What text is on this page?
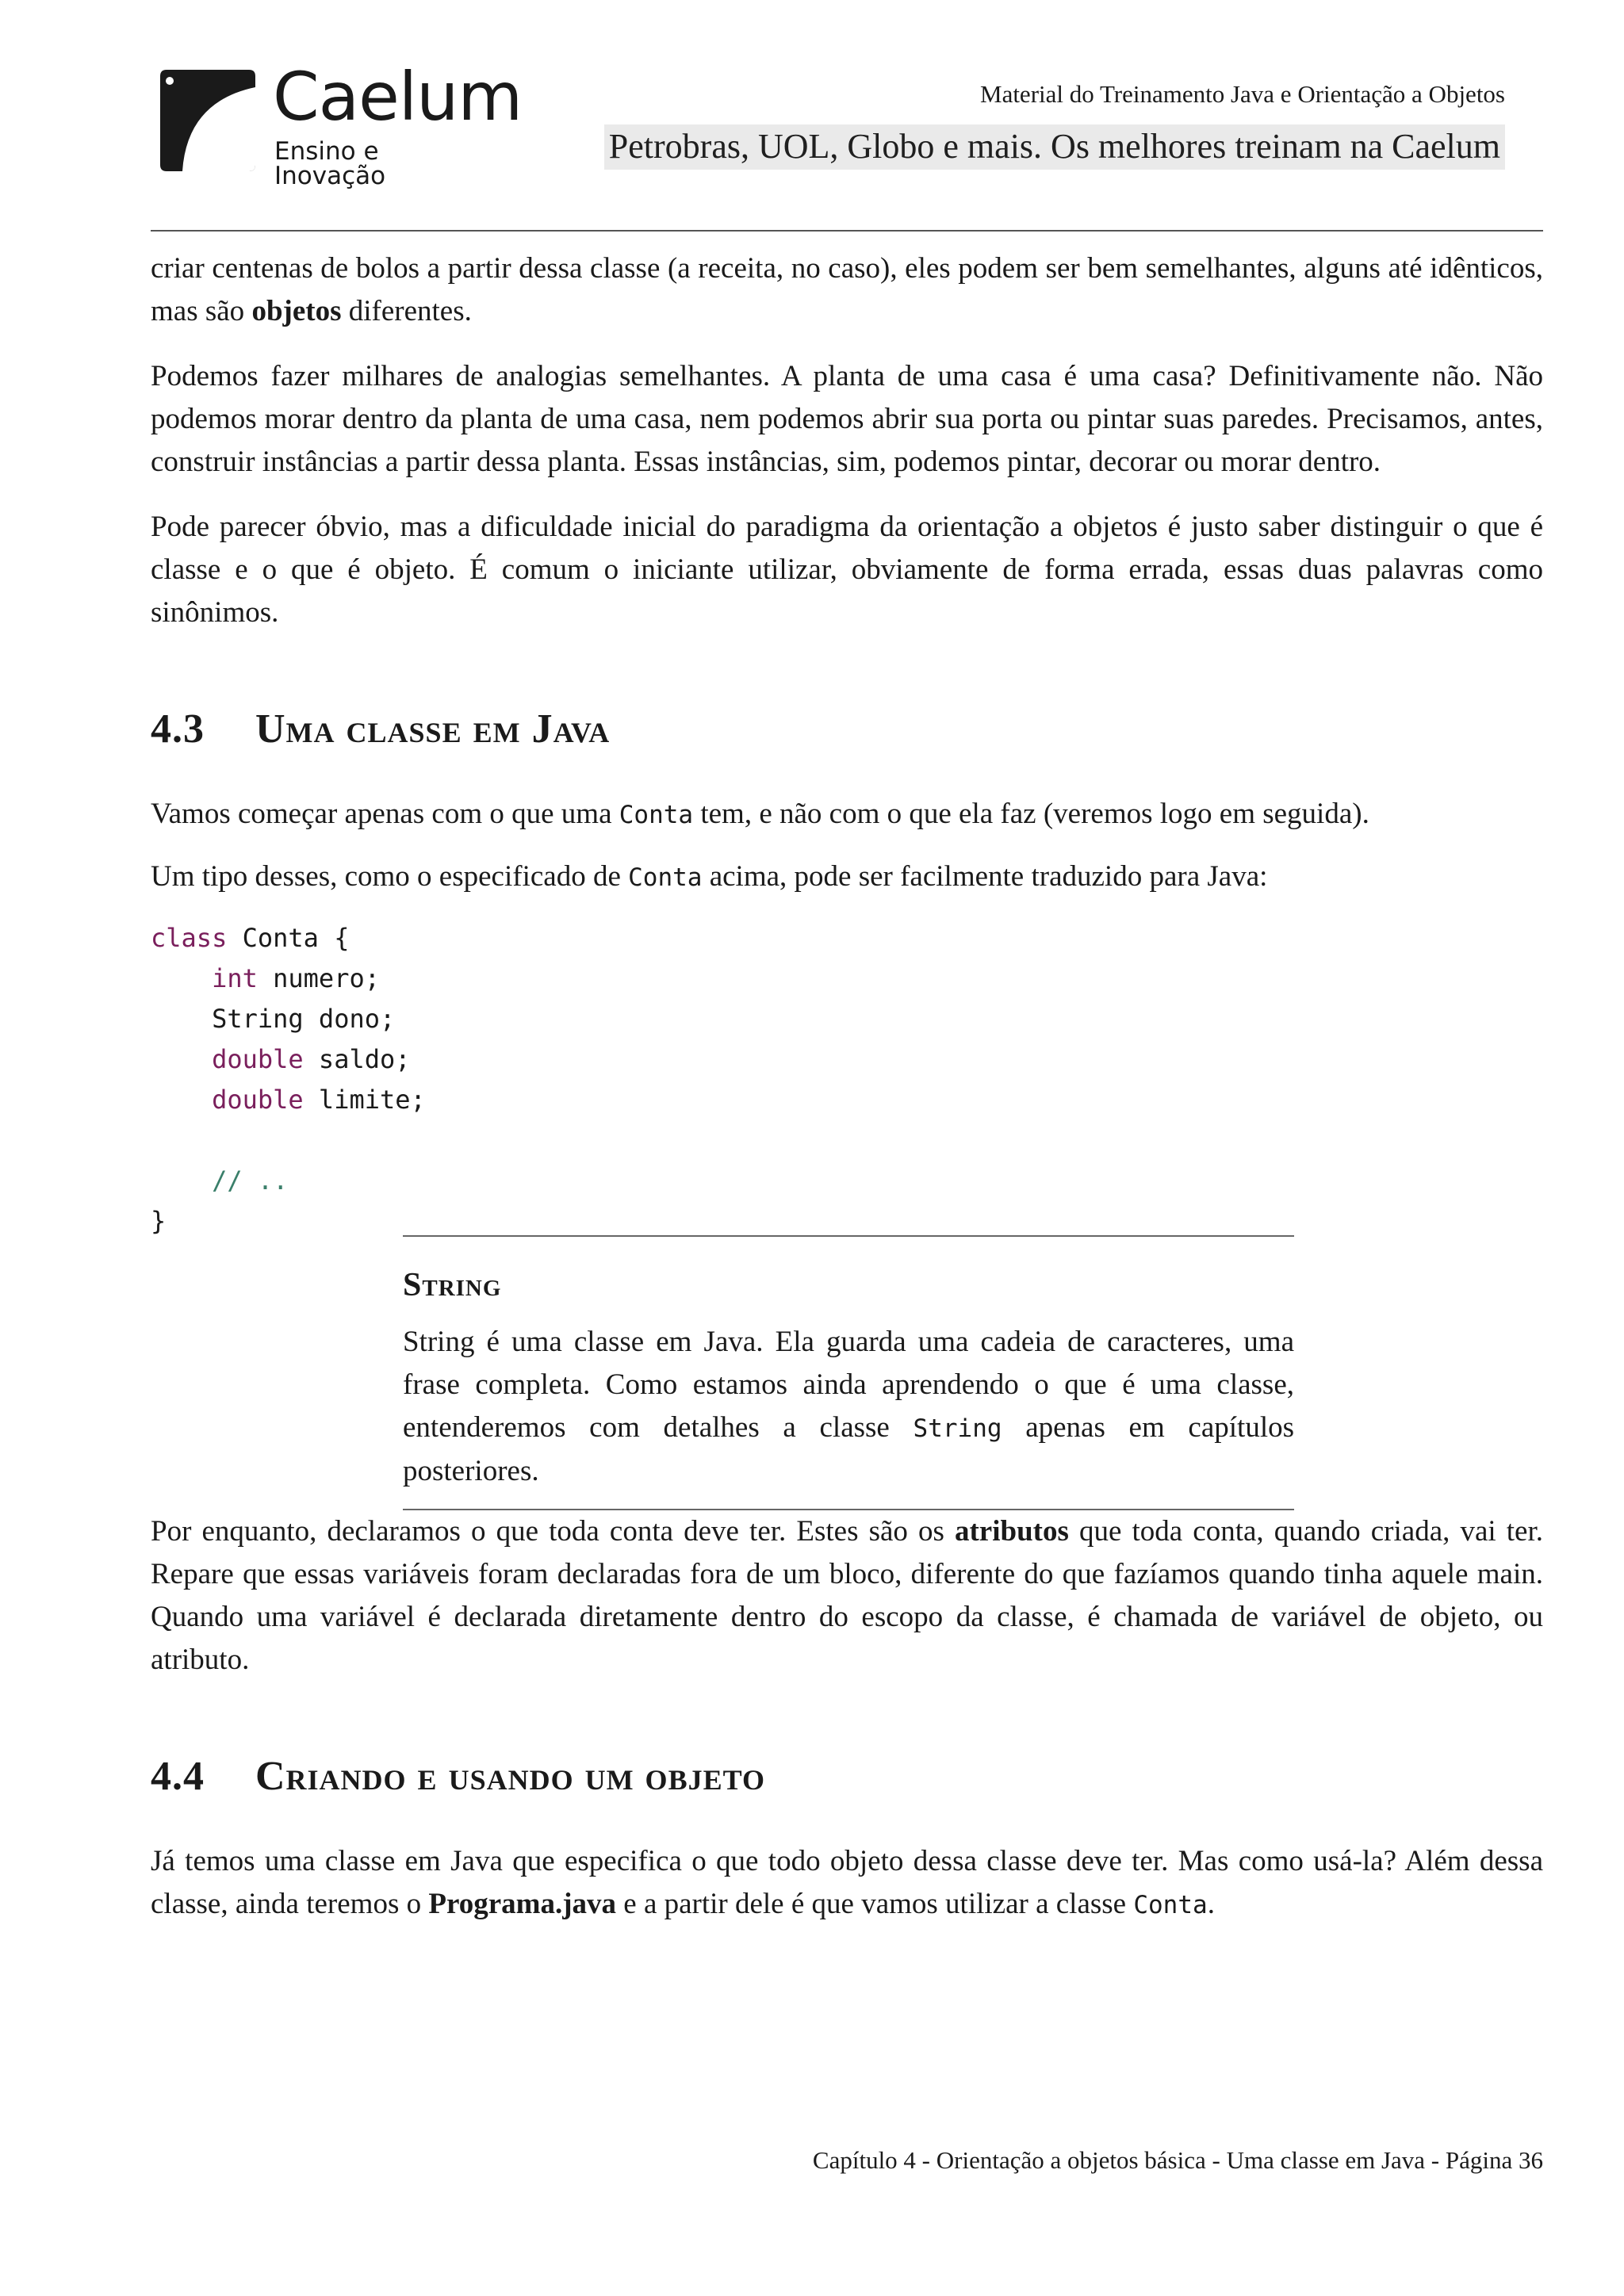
Caelum
Ensino e Inovação
Material do Treinamento Java e Orientação a Objetos
Petrobras, UOL, Globo e mais. Os melhores treinam na Caelum

criar centenas de bolos a partir dessa classe (a receita, no caso), eles podem ser bem semelhantes, alguns até idênticos, mas são objetos diferentes.

Podemos fazer milhares de analogias semelhantes. A planta de uma casa é uma casa? Definitivamente não. Não podemos morar dentro da planta de uma casa, nem podemos abrir sua porta ou pintar suas paredes. Precisamos, antes, construir instâncias a partir dessa planta. Essas instâncias, sim, podemos pintar, decorar ou morar dentro.

Pode parecer óbvio, mas a dificuldade inicial do paradigma da orientação a objetos é justo saber distinguir o que é classe e o que é objeto. É comum o iniciante utilizar, obviamente de forma errada, essas duas palavras como sinônimos.

4.3 Uma classe em Java

Vamos começar apenas com o que uma Conta tem, e não com o que ela faz (veremos logo em seguida).

Um tipo desses, como o especificado de Conta acima, pode ser facilmente traduzido para Java:

class Conta {
int numero;
String dono;
double saldo;
double limite;

// ..
}
String

String é uma classe em Java. Ela guarda uma cadeia de caracteres, uma frase completa. Como estamos ainda aprendendo o que é uma classe, entenderemos com detalhes a classe String apenas em capítulos posteriores.

Por enquanto, declaramos o que toda conta deve ter. Estes são os atributos que toda conta, quando criada, vai ter. Repare que essas variáveis foram declaradas fora de um bloco, diferente do que fazíamos quando tinha aquele main. Quando uma variável é declarada diretamente dentro do escopo da classe, é chamada de variável de objeto, ou atributo.

4.4 Criando e usando um objeto

Já temos uma classe em Java que especifica o que todo objeto dessa classe deve ter. Mas como usá-la? Além dessa classe, ainda teremos o Programa.java e a partir dele é que vamos utilizar a classe Conta.

Capítulo 4 - Orientação a objetos básica - Uma classe em Java - Página 36
